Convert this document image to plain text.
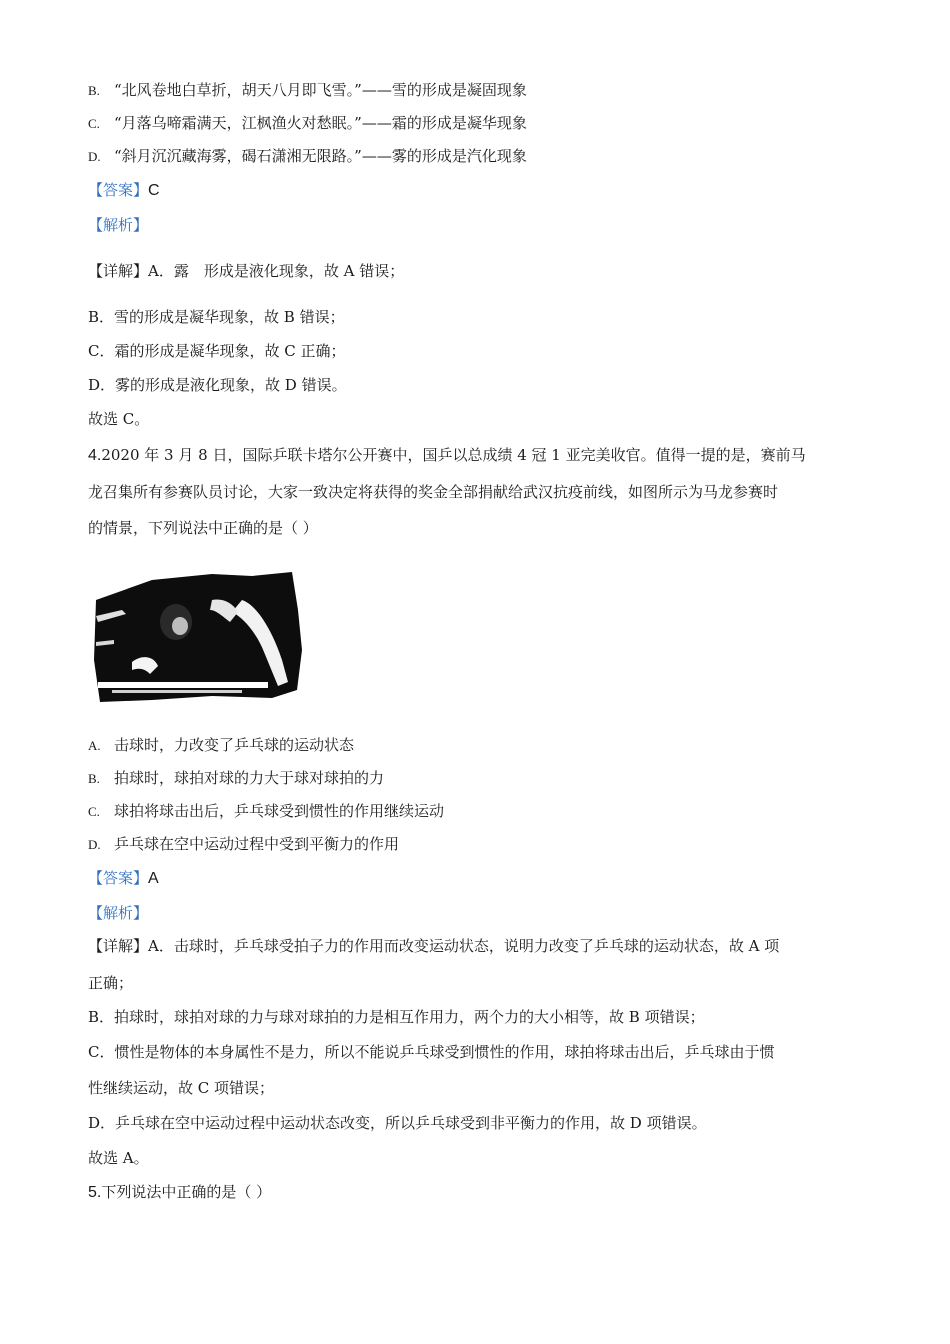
B. “北风卷地白草折，胡天八月即飞雪。”——雪的形成是凝固现象
C. “月落乌啼霜满天，江枫渔火对愁眠。”——霜的形成是凝华现象
D. “斜月沉沉藏海雾，碣石潇湘无限路。”——雾的形成是汽化现象
【答案】C
【解析】
【详解】A．露　形成是液化现象，故 A 错误；
B．雪的形成是凝华现象，故 B 错误；
C．霜的形成是凝华现象，故 C 正确；
D．雾的形成是液化现象，故 D 错误。
故选 C。
4.2020 年 3 月 8 日，国际乒联卡塔尔公开赛中，国乒以总成绩 4 冠 1 亚完美收官。值得一提的是，赛前马
龙召集所有参赛队员讨论，大家一致决定将获得的奖金全部捐献给武汉抗疫前线，如图所示为马龙参赛时
的情景，下列说法中正确的是（ ）
A. 击球时，力改变了乒乓球的运动状态
B. 拍球时，球拍对球的力大于球对球拍的力
C. 球拍将球击出后，乒乓球受到惯性的作用继续运动
D. 乒乓球在空中运动过程中受到平衡力的作用
【答案】A
【解析】
【详解】A．击球时，乒乓球受拍子力的作用而改变运动状态，说明力改变了乒乓球的运动状态，故 A 项
正确；
B．拍球时，球拍对球的力与球对球拍的力是相互作用力，两个力的大小相等，故 B 项错误；
C．惯性是物体的本身属性不是力，所以不能说乒乓球受到惯性的作用，球拍将球击出后，乒乓球由于惯
性继续运动，故 C 项错误；
D．乒乓球在空中运动过程中运动状态改变，所以乒乓球受到非平衡力的作用，故 D 项错误。
故选 A。
5.下列说法中正确的是（ ）
